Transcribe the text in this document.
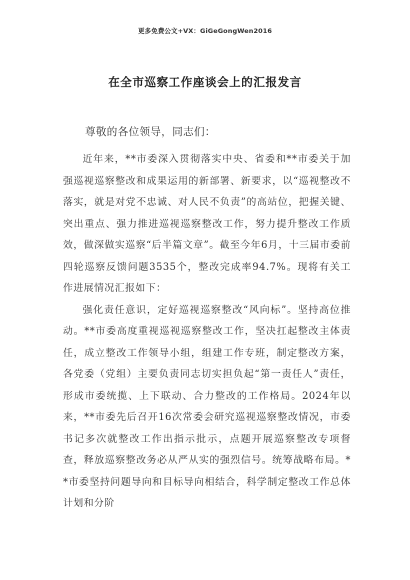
更多免费公文+VX：GiGeGongWen2016
在全市巡察工作座谈会上的汇报发言
尊敬的各位领导，同志们：

近年来，**市委深入贯彻落实中央、省委和**市委关于加强巡视巡察整改和成果运用的新部署、新要求，以“巡视整改不落实，就是对党不忠诚、对人民不负责”的高站位，把握关键、突出重点、强力推进巡视巡察整改工作，努力提升整改工作质效，做深做实巡察“后半篇文章”。截至今年6月，十三届市委前四轮巡察反馈问题3535个，整改完成率94.7%。现将有关工作进展情况汇报如下：

强化责任意识，定好巡视巡察整改“风向标”。坚持高位推动。**市委高度重视巡视巡察整改工作，坚决扛起整改主体责任，成立整改工作领导小组，组建工作专班，制定整改方案，各党委（党组）主要负责同志切实担负起“第一责任人”责任，形成市委统揽、上下联动、合力整改的工作格局。2024年以来，**市委先后召开16次常委会研究巡视巡察整改情况，市委书记多次就整改工作出指示批示，点题开展巡察整改专项督查，释放巡察整改务必从严从实的强烈信号。统筹战略布局。**市委坚持问题导向和目标导向相结合，科学制定整改工作总体计划和分阶
